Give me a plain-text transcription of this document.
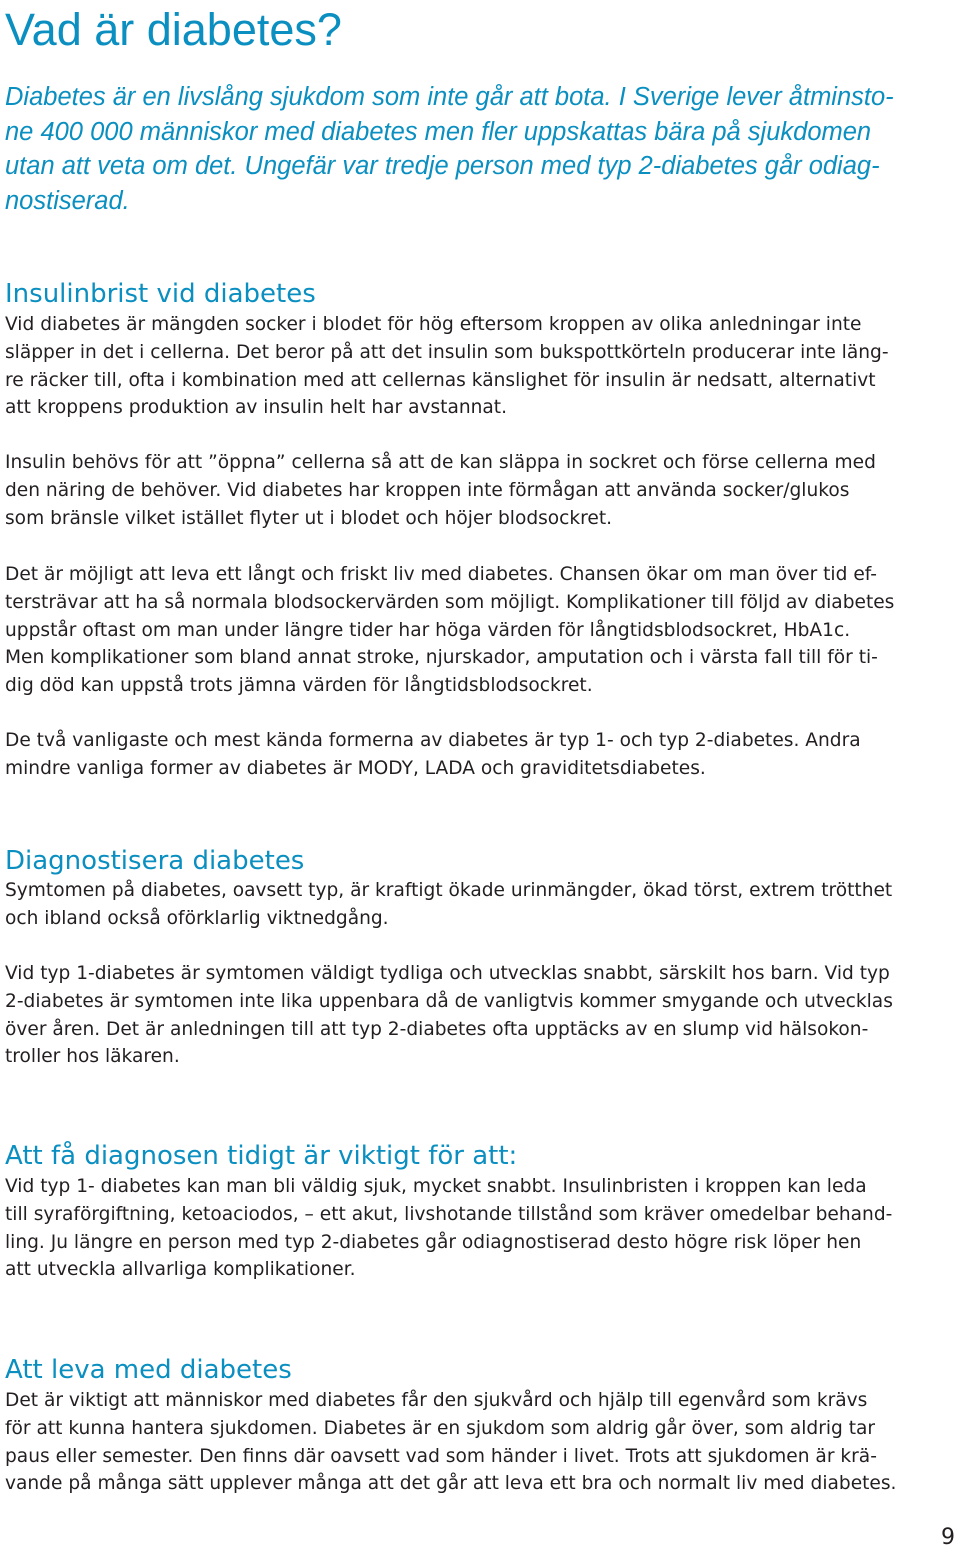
Vad är diabetes?

Diabetes är en livslång sjukdom som inte går att bota. I Sverige lever åtminsto-
ne 400 000 människor med diabetes men fler uppskattas bära på sjukdomen
utan att veta om det. Ungefär var tredje person med typ 2-diabetes går odiag-
nostiserad.

Insulinbrist vid diabetes

Vid diabetes är mängden socker i blodet för hög eftersom kroppen av olika anledningar inte
släpper in det i cellerna. Det beror på att det insulin som bukspottkörteln producerar inte läng-
re räcker till, ofta i kombination med att cellernas känslighet för insulin är nedsatt, alternativt
att kroppens produktion av insulin helt har avstannat.

Insulin behövs för att ”öppna” cellerna så att de kan släppa in sockret och förse cellerna med
den näring de behöver. Vid diabetes har kroppen inte förmågan att använda socker/glukos
som bränsle vilket istället flyter ut i blodet och höjer blodsockret.

Det är möjligt att leva ett långt och friskt liv med diabetes. Chansen ökar om man över tid ef-
tersträvar att ha så normala blodsockervärden som möjligt. Komplikationer till följd av diabetes
uppstår oftast om man under längre tider har höga värden för långtidsblodsockret, HbA1c.
Men komplikationer som bland annat stroke, njurskador, amputation och i värsta fall till för ti-
dig död kan uppstå trots jämna värden för långtidsblodsockret.

De två vanligaste och mest kända formerna av diabetes är typ 1- och typ 2-diabetes. Andra
mindre vanliga former av diabetes är MODY, LADA och graviditetsdiabetes.

Diagnostisera diabetes

Symtomen på diabetes, oavsett typ, är kraftigt ökade urinmängder, ökad törst, extrem trötthet
och ibland också oförklarlig viktnedgång.

Vid typ 1-diabetes är symtomen väldigt tydliga och utvecklas snabbt, särskilt hos barn. Vid typ
2-diabetes är symtomen inte lika uppenbara då de vanligtvis kommer smygande och utvecklas
över åren. Det är anledningen till att typ 2-diabetes ofta upptäcks av en slump vid hälsokon-
troller hos läkaren.

Att få diagnosen tidigt är viktigt för att:

Vid typ 1- diabetes kan man bli väldig sjuk, mycket snabbt. Insulinbristen i kroppen kan leda
till syraförgiftning, ketoaciodos, – ett akut, livshotande tillstånd som kräver omedelbar behand-
ling. Ju längre en person med typ 2-diabetes går odiagnostiserad desto högre risk löper hen
att utveckla allvarliga komplikationer.

Att leva med diabetes

Det är viktigt att människor med diabetes får den sjukvård och hjälp till egenvård som krävs
för att kunna hantera sjukdomen. Diabetes är en sjukdom som aldrig går över, som aldrig tar
paus eller semester. Den finns där oavsett vad som händer i livet. Trots att sjukdomen är krä-
vande på många sätt upplever många att det går att leva ett bra och normalt liv med diabetes.

9
